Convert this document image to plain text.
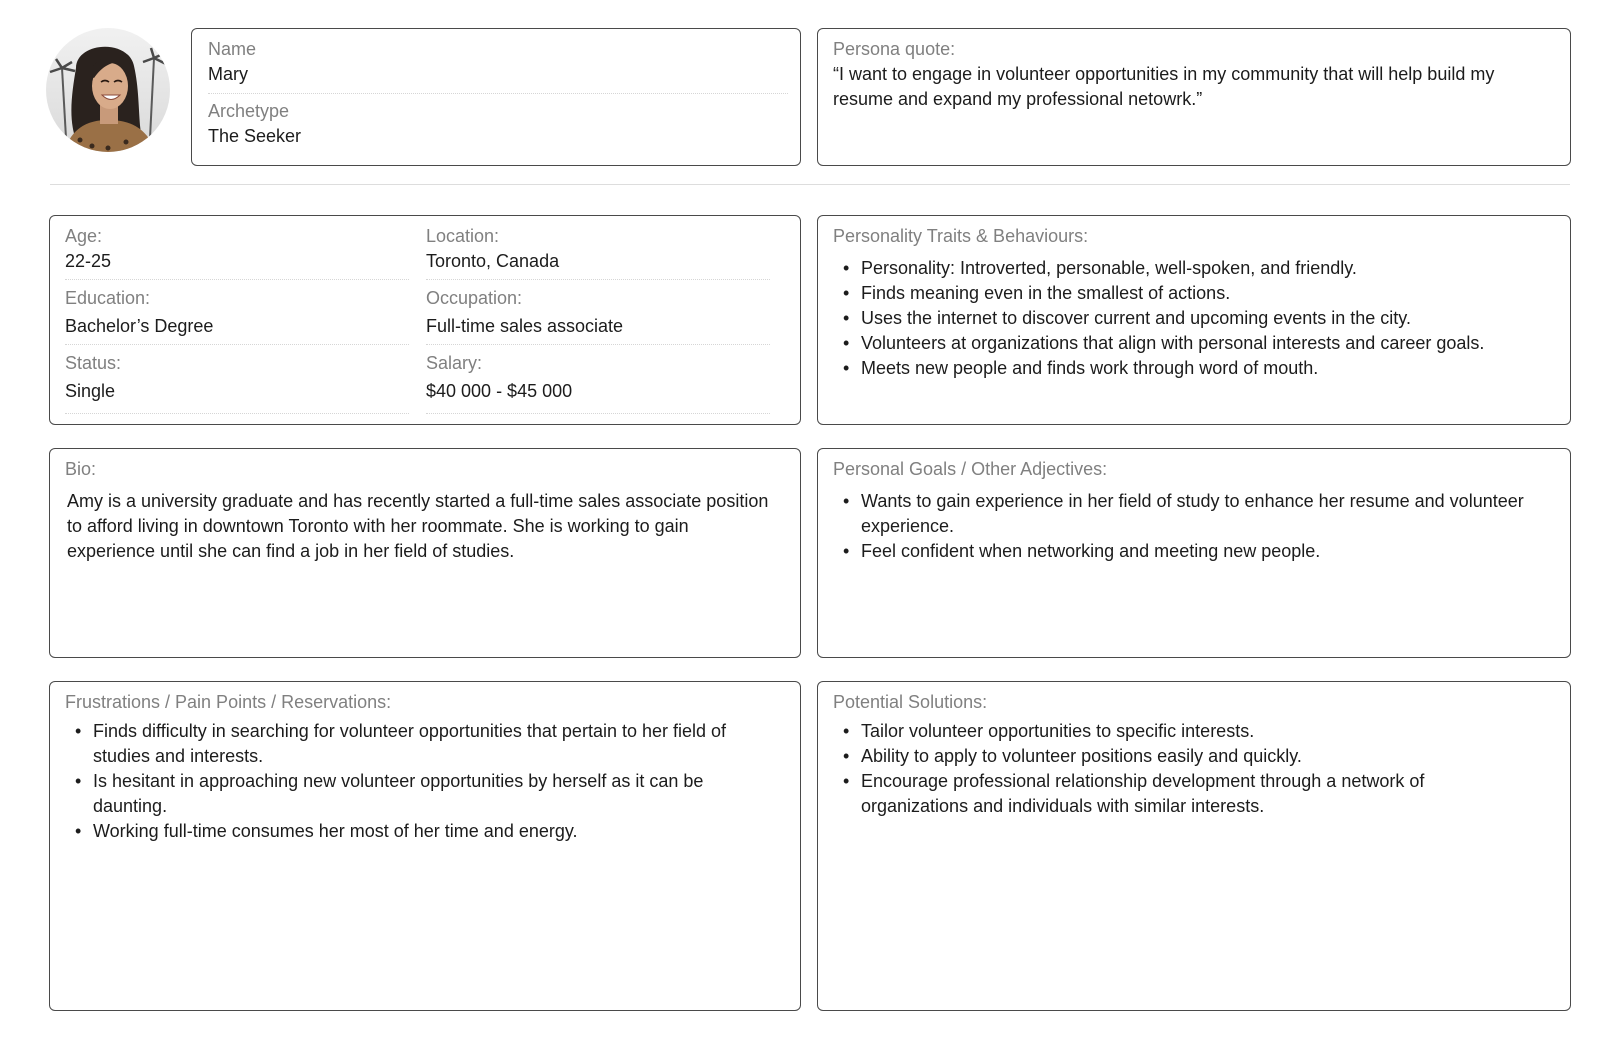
Name
Mary
Archetype
The Seeker
Persona quote:
“I want to engage in volunteer opportunities in my community that will help build my resume and expand my professional netowrk.”
Age:
22-25
Education:
Bachelor’s Degree
Status:
Single
Location:
Toronto, Canada
Occupation:
Full-time sales associate
Salary:
$40 000 - $45 000
Personality Traits & Behaviours:
• Personality: Introverted, personable, well-spoken, and friendly.
• Finds meaning even in the smallest of actions.
• Uses the internet to discover current and upcoming events in the city.
• Volunteers at organizations that align with personal interests and career goals.
• Meets new people and finds work through word of mouth.
Bio:
Amy is a university graduate and has recently started a full-time sales associate position to afford living in downtown Toronto with her roommate. She is working to gain experience until she can find a job in her field of studies.
Personal Goals / Other Adjectives:
• Wants to gain experience in her field of study to enhance her resume and volunteer experience.
• Feel confident when networking and meeting new people.
Frustrations / Pain Points / Reservations:
• Finds difficulty in searching for volunteer opportunities that pertain to her field of studies and interests.
• Is hesitant in approaching new volunteer opportunities by herself as it can be daunting.
• Working full-time consumes her most of her time and energy.
Potential Solutions:
• Tailor volunteer opportunities to specific interests.
• Ability to apply to volunteer positions easily and quickly.
• Encourage professional relationship development through a network of organizations and individuals with similar interests.
